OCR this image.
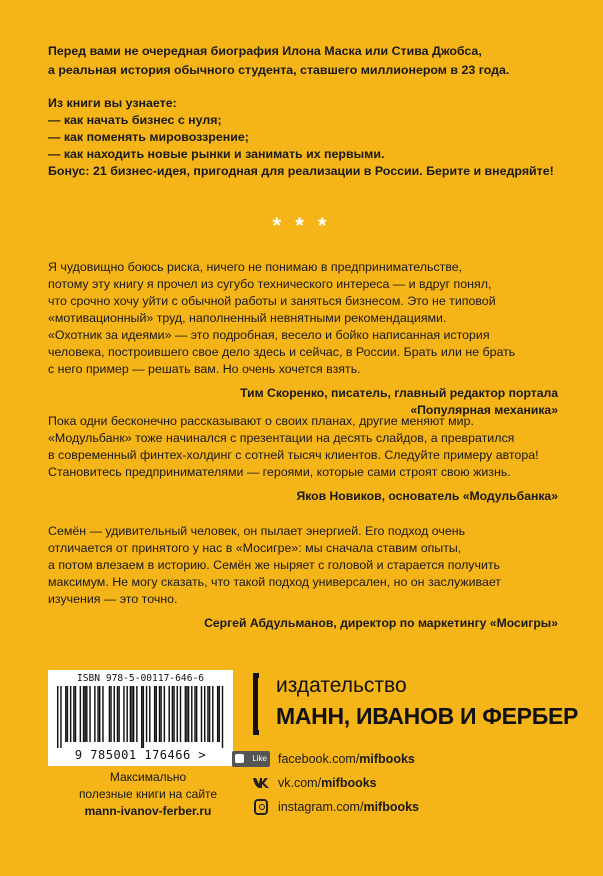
Перед вами не очередная биография Илона Маска или Стива Джобса,
а реальная история обычного студента, ставшего миллионером в 23 года.
Из книги вы узнаете:
— как начать бизнес с нуля;
— как поменять мировоззрение;
— как находить новые рынки и занимать их первыми.
Бонус: 21 бизнес-идея, пригодная для реализации в России. Берите и внедряйте!
* * *
Я чудовищно боюсь риска, ничего не понимаю в предпринимательстве,
потому эту книгу я прочел из сугубо технического интереса — и вдруг понял,
что срочно хочу уйти с обычной работы и заняться бизнесом. Это не типовой
«мотивационный» труд, наполненный невнятными рекомендациями.
«Охотник за идеями» — это подробная, весело и бойко написанная история
человека, построившего свое дело здесь и сейчас, в России. Брать или не брать
с него пример — решать вам. Но очень хочется взять.
Тим Скоренко, писатель, главный редактор портала
«Популярная механика»
Пока одни бесконечно рассказывают о своих планах, другие меняют мир.
«Модульбанк» тоже начинался с презентации на десять слайдов, а превратился
в современный финтех-холдинг с сотней тысяч клиентов. Следуйте примеру автора!
Становитесь предпринимателями — героями, которые сами строят свою жизнь.
Яков Новиков, основатель «Модульбанка»
Семён — удивительный человек, он пылает энергией. Его подход очень
отличается от принятого у нас в «Мосигре»: мы сначала ставим опыты,
а потом влезаем в историю. Семён же ныряет с головой и старается получить
максимум. Не могу сказать, что такой подход универсален, но он заслуживает
изучения — это точно.
Сергей Абдульманов, директор по маркетингу «Мосигры»
ISBN 978-5-00117-646-6
9 785001 176466 >
Максимально
полезные книги на сайте
mann-ivanov-ferber.ru
издательство
МАНН, ИВАНОВ И ФЕРБЕР
Like facebook.com/mifbooks
vk.com/mifbooks
instagram.com/mifbooks
